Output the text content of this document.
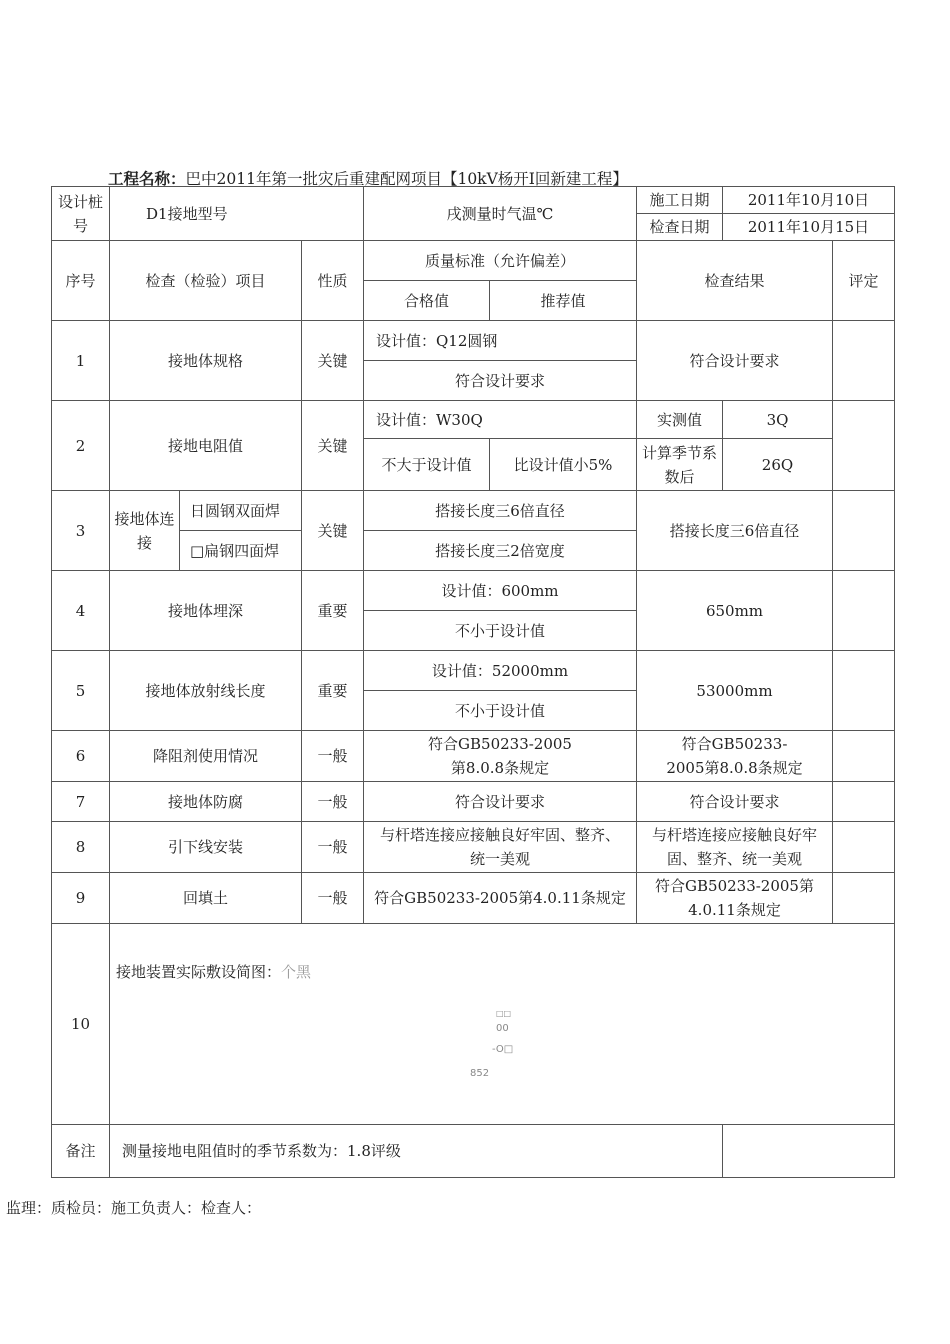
工程名称：巴中2011年第一批灾后重建配网项目【10kV杨开I回新建工程】
设计桩号	D1接地型号			戌测量时气温℃		施工日期	2011年10月10日	
						检查日期	2011年10月15日	
序号	检查（检验）项目		性质	质量标准（允许偏差）		检查结果		评定
				合格值	推荐值			
1	接地体规格		关键	设计值：Q12圆钢		符合设计要求		
				符合设计要求				
2	接地电阻值		关键	设计值：W30Q		实测值	3Q	
				不大于设计值	比设计值小5%	计算季节系数后	26Q	
3	接地体连接	日圆钢双面焊	关键	搭接长度三6倍直径		搭接长度三6倍直径		
		□扁钢四面焊		搭接长度三2倍宽度				
4	接地体埋深		重要	设计值：600mm		650mm		
				不小于设计值				
5	接地体放射线长度		重要	设计值：52000mm		53000mm		
				不小于设计值				
6	降阻剂使用情况		一般	符合GB50233-2005第8.0.8条规定		符合GB50233-2005第8.0.8条规定		
7	接地体防腐		一般	符合设计要求		符合设计要求		
8	引下线安装		一般	与杆塔连接应接触良好牢固、整齐、统一美观		与杆塔连接应接触良好牢固、整齐、统一美观		
9	回填土		一般	符合GB50233-2005第4.0.11条规定		符合GB50233-2005第4.0.11条规定		
10	接地装置实际敷设简图：个黑
□□
00
-O□
852							

备注	测量接地电阻值时的季节系数为：1.8评级							
监理：质检员：施工负责人：检查人：
